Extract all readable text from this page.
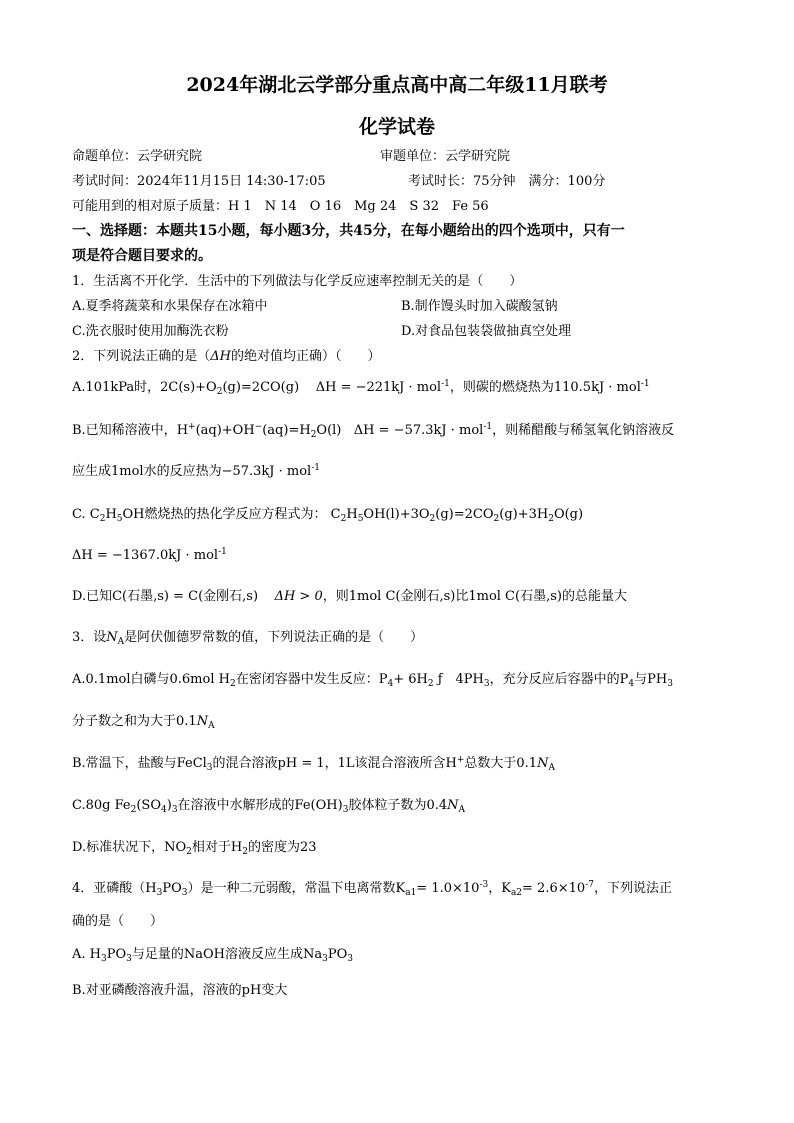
2024年湖北云学部分重点高中高二年级11月联考
化学试卷
命题单位：云学研究院	审题单位：云学研究院
考试时间：2024年11月15日 14:30-17:05	考试时长：75分钟　满分：100分
可能用到的相对原子质量：H 1　N 14　O 16　Mg 24　S 32　Fe 56
一、选择题：本题共15小题，每小题3分，共45分，在每小题给出的四个选项中，只有一
项是符合题目要求的。
1．生活离不开化学．生活中的下列做法与化学反应速率控制无关的是（　　）
A.夏季将蔬菜和水果保存在冰箱中	B.制作馒头时加入碳酸氢钠
C.洗衣服时使用加酶洗衣粉	D.对食品包装袋做抽真空处理
2．下列说法正确的是（ΔH的绝对值均正确）（　　）
A.101kPa时，$2C(s)+O_2(g)=2CO(g) \Delta H = -221kJ \cdot mol^{-1}$，则碳的燃烧热为110.5kJ · mol$^{-1}$
B.已知稀溶液中，$H^+(aq)+OH^-(aq)=H_2O(l) \Delta H = -57.3kJ \cdot mol^{-1}$，则稀醋酸与稀氢氧化钠溶液反
应生成1mol水的反应热为−57.3kJ · mol$^{-1}$
C. $C_2H_5OH$燃烧热的热化学反应方程式为： $C_2H_5OH(l)+3O_2(g)=2CO_2(g)+3H_2O(g)$
ΔH = −1367.0kJ · mol$^{-1}$
D.已知C(石墨,s) = C(金刚石,s) ΔH > 0，则1mol C(金刚石,s)比1mol C(石墨,s)的总能量大
3．设$N_A$是阿伏伽德罗常数的值，下列说法正确的是（　　）
A.0.1mol白磷与0.6mol $H_2$在密闭容器中发生反应：$P_4+ 6H_2$ ƒ　$4PH_3$，充分反应后容器中的$P_4$与$PH_3$
分子数之和为大于$0.1N_A$
B.常温下，盐酸与FeCl$_3$的混合溶液pH = 1，1L该混合溶液所含H+总数大于$0.1N_A$
C.80g $Fe_2(SO_4)_3$在溶液中水解形成的$Fe(OH)_3$胶体粒子数为$0.4N_A$
D.标准状况下，$NO_2$相对于$H_2$的密度为23
4．亚磷酸$(H_3PO_3)$是一种二元弱酸，常温下电离常数$K_{a1}= 1.0\times 10^{-3}$，$K_{a2}= 2.6\times 10^{-7}$，下列说法正
确的是（　　）
A. $H_3PO_3$与足量的NaOH溶液反应生成$Na_3PO_3$
B.对亚磷酸溶液升温，溶液的pH变大
